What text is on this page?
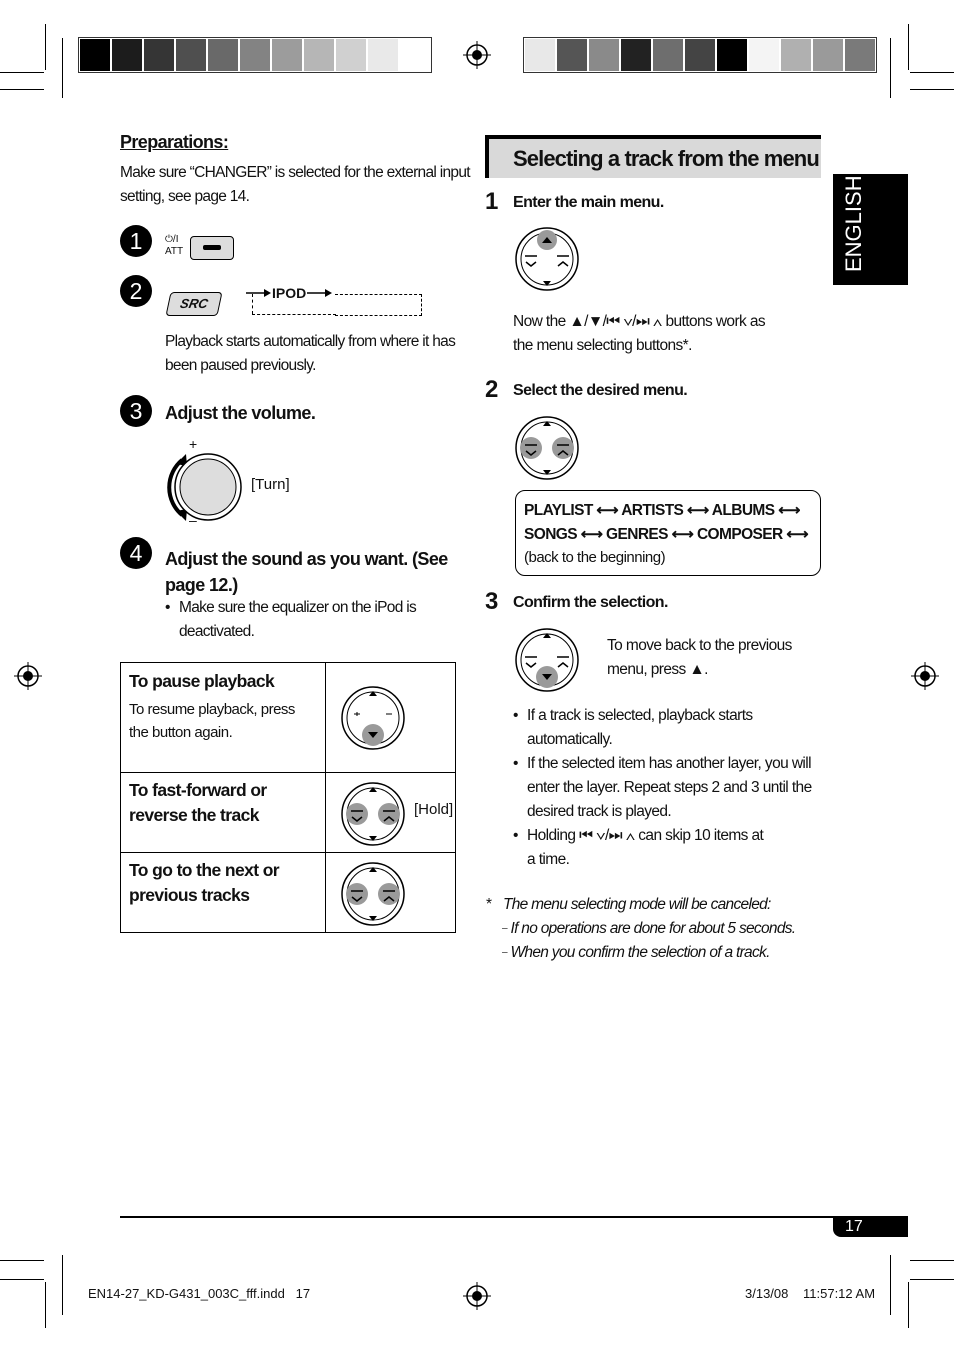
Preparations:
Make sure “CHANGER” is selected for the external input
setting, see page 14.
1	⏻/I
ATT
2	SRC
IPOD
Playback starts automatically from where it has
been paused previously.
3	Adjust the volume.
+
–
[Turn]
4	Adjust the sound as you want. (See
page 12.)
• Make sure the equalizer on the iPod is
deactivated.
To pause playback
To resume playback, press
the button again.

To fast-forward or
reverse the track	[Hold]

To go to the next or
previous tracks

Selecting a track from the menu
ENGLISH
1 Enter the main menu.
Now the ▲/▼/⏮ ∨/⏭ ∧ buttons work as
the menu selecting buttons*.
2 Select the desired menu.
PLAYLIST ⟷ ARTISTS ⟷ ALBUMS ⟷
SONGS ⟷ GENRES ⟷ COMPOSER ⟷
(back to the beginning)
3 Confirm the selection.
To move back to the previous
menu, press ▲.
• If a track is selected, playback starts
automatically.
• If the selected item has another layer, you will
enter the layer. Repeat steps 2 and 3 until the
desired track is played.
• Holding ⏮ ∨/⏭ ∧ can skip 10 items at
a time.
* The menu selecting mode will be canceled:
– If no operations are done for about 5 seconds.
– When you confirm the selection of a track.
17
EN14-27_KD-G431_003C_fff.indd   17	3/13/08 11:57:12 AM
